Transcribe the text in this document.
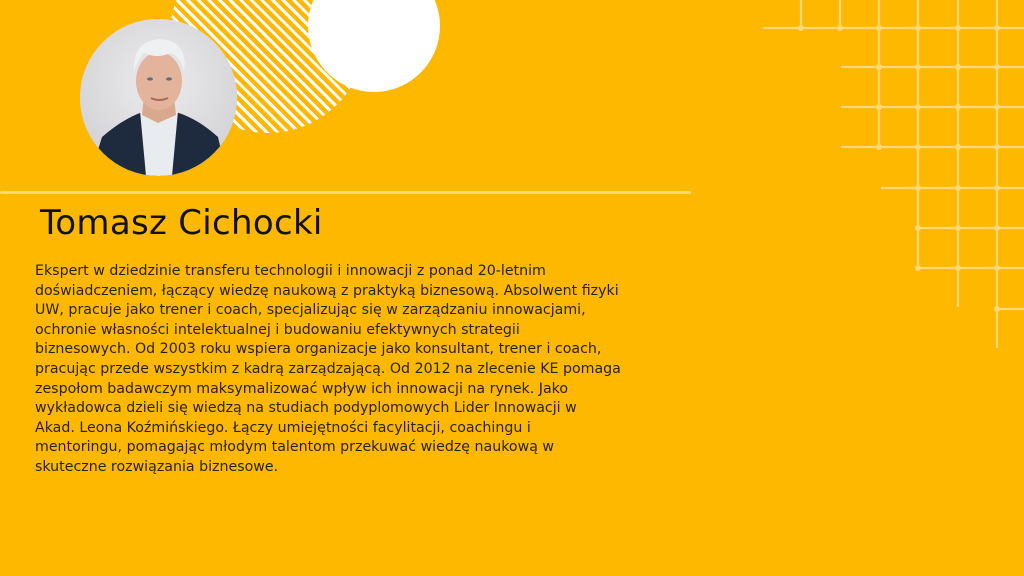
Tomasz Cichocki
Ekspert w dziedzinie transferu technologii i innowacji z ponad 20-letnim
doświadczeniem, łączący wiedzę naukową z praktyką biznesową. Absolwent fizyki
UW, pracuje jako trener i coach, specjalizując się w zarządzaniu innowacjami,
ochronie własności intelektualnej i budowaniu efektywnych strategii
biznesowych. Od 2003 roku wspiera organizacje jako konsultant, trener i coach,
pracując przede wszystkim z kadrą zarządzającą. Od 2012 na zlecenie KE pomaga
zespołom badawczym maksymalizować wpływ ich innowacji na rynek. Jako
wykładowca dzieli się wiedzą na studiach podyplomowych Lider Innowacji w
Akad. Leona Koźmińskiego. Łączy umiejętności facylitacji, coachingu i
mentoringu, pomagając młodym talentom przekuwać wiedzę naukową w
skuteczne rozwiązania biznesowe.
